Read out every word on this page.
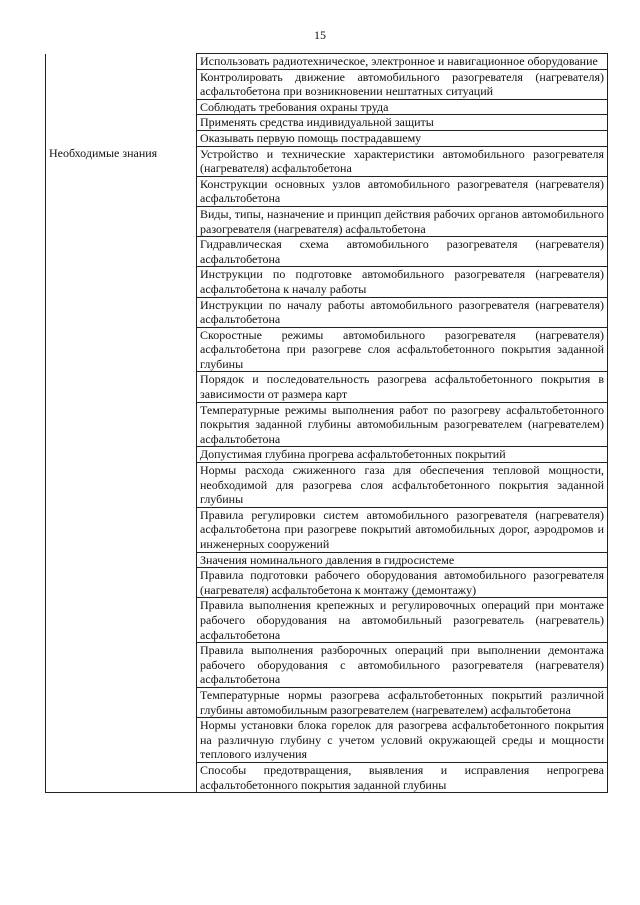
15
	Использовать радиотехническое, электронное и навигационное оборудование
	Контролировать движение автомобильного разогревателя (нагревателя) асфальтобетона при возникновении нештатных ситуаций
	Соблюдать требования охраны труда
	Применять средства индивидуальной защиты
	Оказывать первую помощь пострадавшему
Необходимые знания	Устройство и технические характеристики автомобильного разогревателя (нагревателя) асфальтобетона
	Конструкции основных узлов автомобильного разогревателя (нагревателя) асфальтобетона
	Виды, типы, назначение и принцип действия рабочих органов автомобильного разогревателя (нагревателя) асфальтобетона
	Гидравлическая схема автомобильного разогревателя (нагревателя) асфальтобетона
	Инструкции по подготовке автомобильного разогревателя (нагревателя) асфальтобетона к началу работы
	Инструкции по началу работы автомобильного разогревателя (нагревателя) асфальтобетона
	Скоростные режимы автомобильного разогревателя (нагревателя) асфальтобетона при разогреве слоя асфальтобетонного покрытия заданной глубины
	Порядок и последовательность разогрева асфальтобетонного покрытия в зависимости от размера карт
	Температурные режимы выполнения работ по разогреву асфальтобетонного покрытия заданной глубины автомобильным разогревателем (нагревателем) асфальтобетона
	Допустимая глубина прогрева асфальтобетонных покрытий
	Нормы расхода сжиженного газа для обеспечения тепловой мощности, необходимой для разогрева слоя асфальтобетонного покрытия заданной глубины
	Правила регулировки систем автомобильного разогревателя (нагревателя) асфальтобетона при разогреве покрытий автомобильных дорог, аэродромов и инженерных сооружений
	Значения номинального давления в гидросистеме
	Правила подготовки рабочего оборудования автомобильного разогревателя (нагревателя) асфальтобетона к монтажу (демонтажу)
	Правила выполнения крепежных и регулировочных операций при монтаже рабочего оборудования на автомобильный разогреватель (нагреватель) асфальтобетона
	Правила выполнения разборочных операций при выполнении демонтажа рабочего оборудования с автомобильного разогревателя (нагревателя) асфальтобетона
	Температурные нормы разогрева асфальтобетонных покрытий различной глубины автомобильным разогревателем (нагревателем) асфальтобетона
	Нормы установки блока горелок для разогрева асфальтобетонного покрытия на различную глубину с учетом условий окружающей среды и мощности теплового излучения
	Способы предотвращения, выявления и исправления непрогрева асфальтобетонного покрытия заданной глубины
